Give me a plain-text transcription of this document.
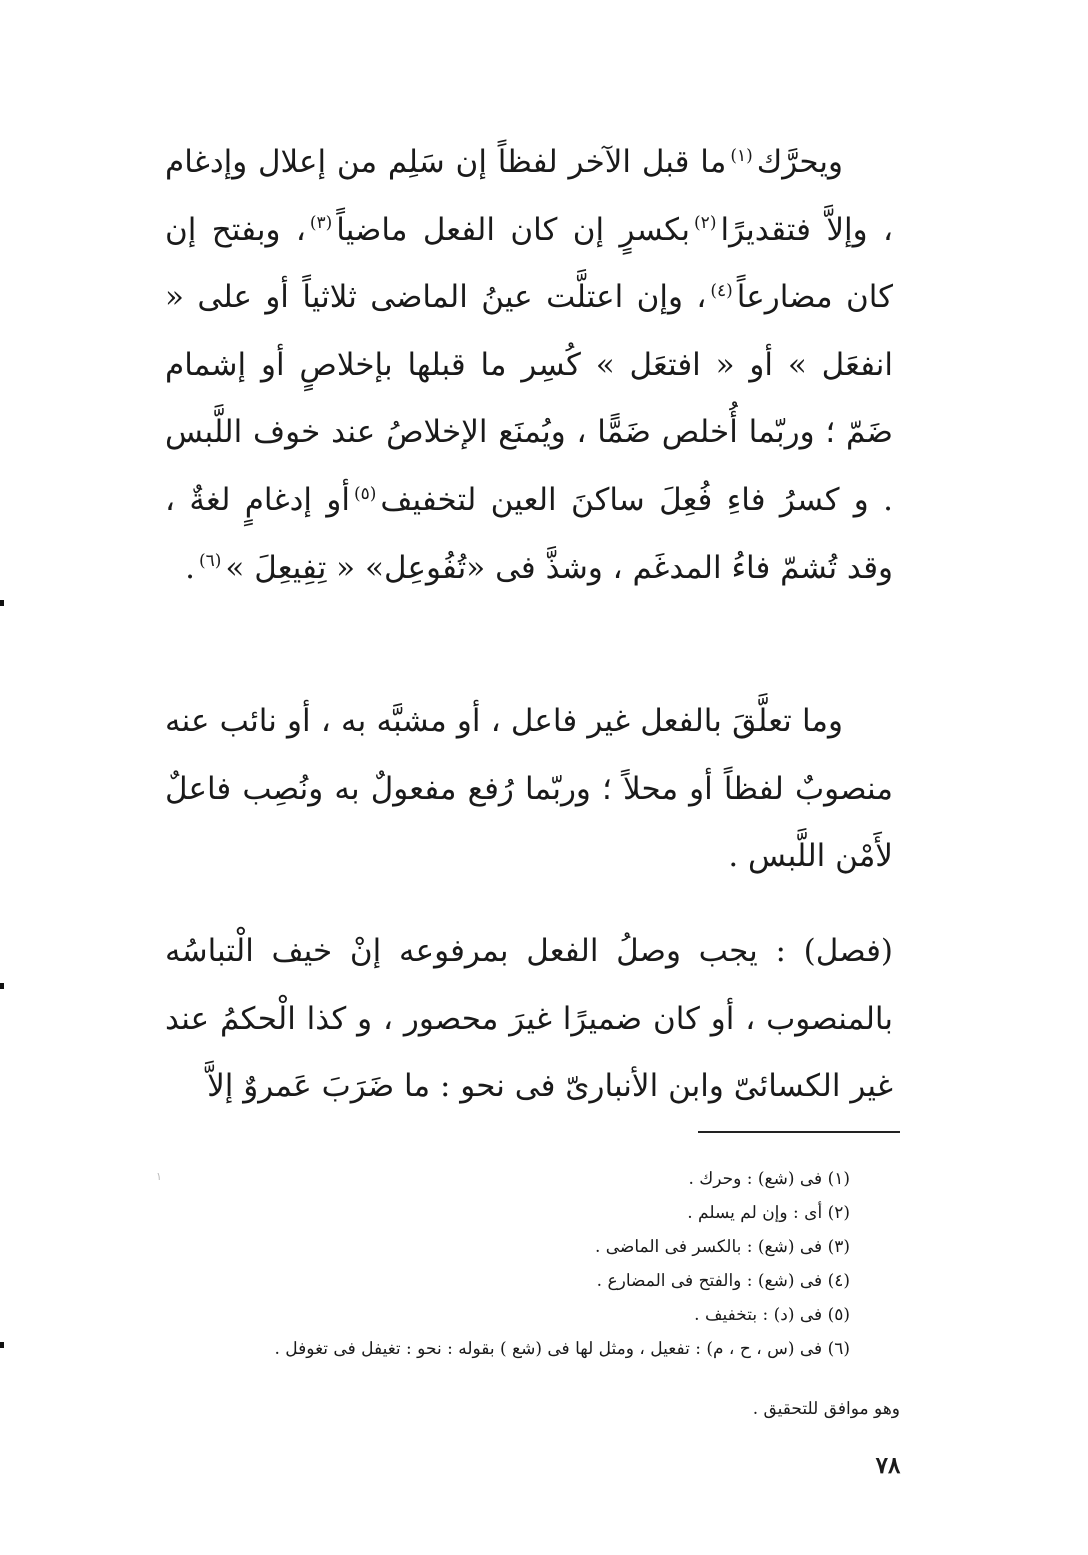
ويحرَّك$^{(١)}$ما قبل الآخر لفظاً إن سَلِم من إعلال وإدغام ، وإلاَّ فتقديرًا$^{(٢)}$بكسرٍ إن كان الفعل ماضياً$^{(٣)}$، وبفتح إن كان مضارعاً$^{(٤)}$، وإن اعتلَّت عينُ الماضى ثلاثياً أو على « انفعَل » أو « افتعَل » كُسِر ما قبلها بإخلاصٍ أو إشمام ضَمّ ؛ وربّما أُخلص ضَمًّا ، ويُمنَع الإخلاصُ عند خوف اللَّبس . و كسرُ فاءِ فُعِلَ ساكنَ العين لتخفيف$^{(٥)}$أو إدغامٍ لغةٌ ، وقد تُشمّ فاءُ المدغَم ، وشذَّ فى «تُفُوعِل» « تِفِيعِلَ »$^{(٦)}$.

وما تعلَّقَ بالفعل غير فاعل ، أو مشبَّه به ، أو نائب عنه منصوبٌ لفظاً أو محلاً ؛ وربّما رُفع مفعولٌ به ونُصِب فاعلٌ لأَمْن اللَّبس .

(فصل) : يجب وصلُ الفعل بمرفوعه إنْ خيف الْتباسُه بالمنصوب ، أو كان ضميرًا غيرَ محصور ، و كذا الْحكمُ عند غير الكسائىّ وابن الأنبارىّ فى نحو : ما ضَرَبَ عَمروٌ إلاَّ

١	(١) فى (شع) : وحرك .
(٢) أى : وإن لم يسلم .
(٣) فى (شع) : بالكسر فى الماضى .
(٤) فى (شع) : والفتح فى المضارع .
(٥) فى (د) : بتخفيف .
(٦) فى (س ، ح ، م) : تفعيل ، ومثل لها فى (شع ) بقوله : نحو : تغيفل فى تغوفل .
وهو موافق للتحقيق .
٧٨
